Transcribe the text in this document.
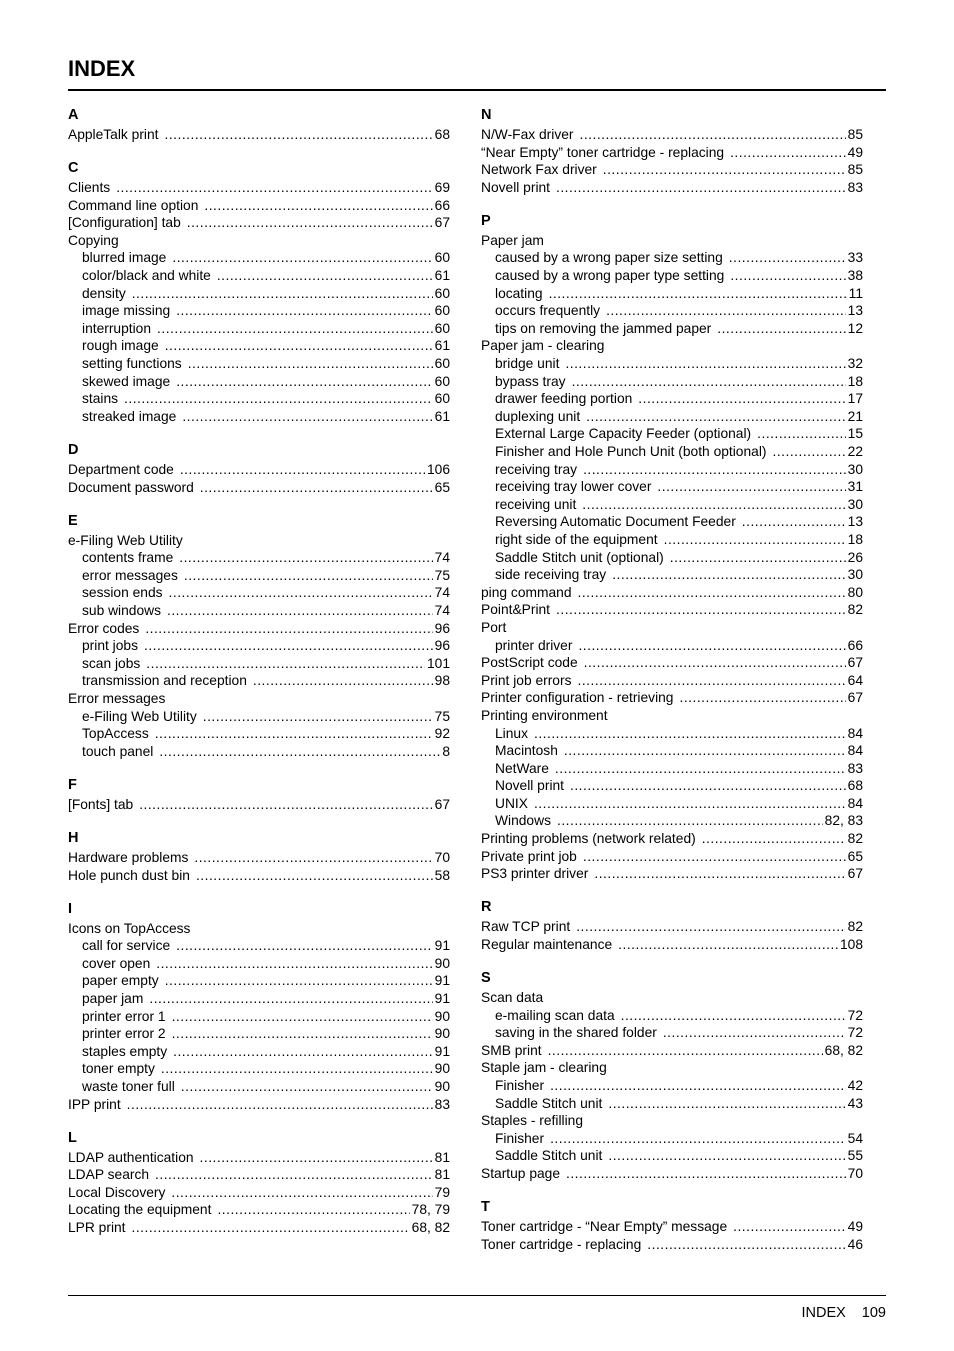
INDEX
A
AppleTalk print .....	68
C
Clients .....	69
Command line option .....	66
[Configuration] tab .....	67
Copying
blurred image .....	60
color/black and white .....	61
density .....	60
image missing .....	60
interruption .....	60
rough image .....	61
setting functions .....	60
skewed image .....	60
stains .....	60
streaked image .....	61
D
Department code .....	106
Document password .....	65
E
e-Filing Web Utility
contents frame .....	74
error messages .....	75
session ends .....	74
sub windows .....	74
Error codes .....	96
print jobs .....	96
scan jobs .....	101
transmission and reception .....	98
Error messages
e-Filing Web Utility .....	75
TopAccess .....	92
touch panel .....	8
F
[Fonts] tab .....	67
H
Hardware problems .....	70
Hole punch dust bin .....	58
I
Icons on TopAccess
call for service .....	91
cover open .....	90
paper empty .....	91
paper jam .....	91
printer error 1 .....	90
printer error 2 .....	90
staples empty .....	91
toner empty .....	90
waste toner full .....	90
IPP print .....	83
L
LDAP authentication .....	81
LDAP search .....	81
Local Discovery .....	79
Locating the equipment .....	78, 79
LPR print .....	68, 82
N
N/W-Fax driver .....	85
“Near Empty” toner cartridge - replacing .....	49
Network Fax driver .....	85
Novell print .....	83
P
Paper jam
caused by a wrong paper size setting .....	33
caused by a wrong paper type setting .....	38
locating .....	11
occurs frequently .....	13
tips on removing the jammed paper .....	12
Paper jam - clearing
bridge unit .....	32
bypass tray .....	18
drawer feeding portion .....	17
duplexing unit .....	21
External Large Capacity Feeder (optional) .....	15
Finisher and Hole Punch Unit (both optional) .....	22
receiving tray .....	30
receiving tray lower cover .....	31
receiving unit .....	30
Reversing Automatic Document Feeder .....	13
right side of the equipment .....	18
Saddle Stitch unit (optional) .....	26
side receiving tray .....	30
ping command .....	80
Point&Print .....	82
Port
printer driver .....	66
PostScript code .....	67
Print job errors .....	64
Printer configuration - retrieving .....	67
Printing environment
Linux .....	84
Macintosh .....	84
NetWare .....	83
Novell print .....	68
UNIX .....	84
Windows .....	82, 83
Printing problems (network related) .....	82
Private print job .....	65
PS3 printer driver .....	67
R
Raw TCP print .....	82
Regular maintenance .....	108
S
Scan data
e-mailing scan data .....	72
saving in the shared folder .....	72
SMB print .....	68, 82
Staple jam - clearing
Finisher .....	42
Saddle Stitch unit .....	43
Staples - refilling
Finisher .....	54
Saddle Stitch unit .....	55
Startup page .....	70
T
Toner cartridge - “Near Empty” message .....	49
Toner cartridge - replacing .....	46
INDEX 109
